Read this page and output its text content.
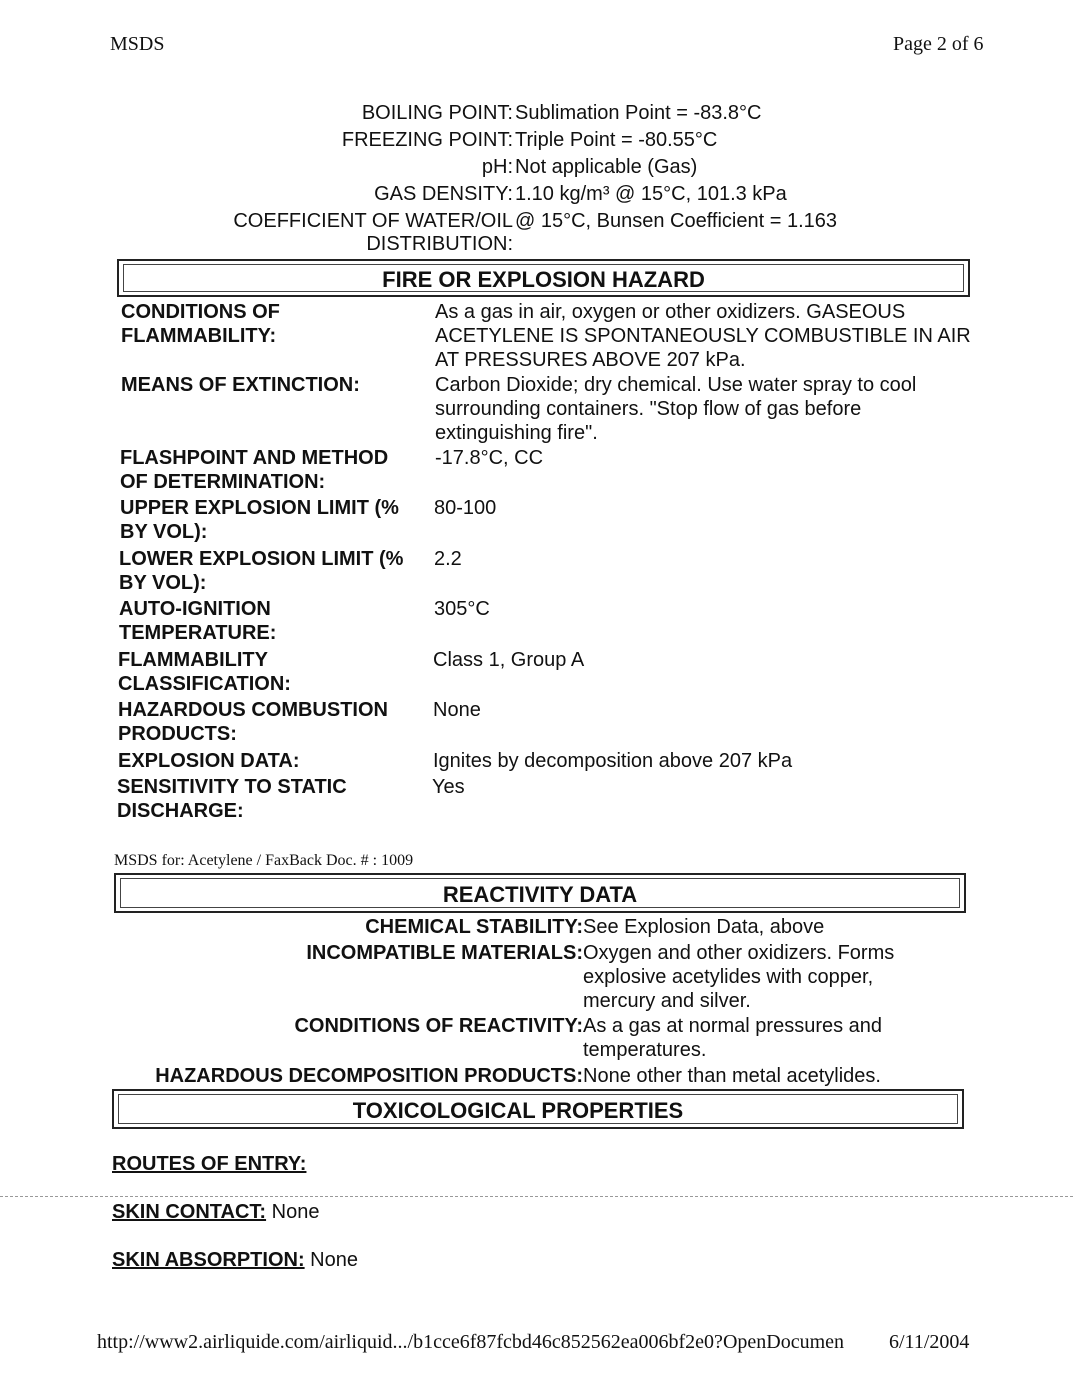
MSDS	Page 2 of 6
BOILING POINT: Sublimation Point = -83.8°C
FREEZING POINT: Triple Point = -80.55°C
pH: Not applicable (Gas)
GAS DENSITY: 1.10 kg/m³ @ 15°C, 101.3 kPa
COEFFICIENT OF WATER/OIL @ 15°C, Bunsen Coefficient = 1.163
DISTRIBUTION:
FIRE OR EXPLOSION HAZARD
CONDITIONS OF FLAMMABILITY:
As a gas in air, oxygen or other oxidizers. GASEOUS ACETYLENE IS SPONTANEOUSLY COMBUSTIBLE IN AIR AT PRESSURES ABOVE 207 kPa.
MEANS OF EXTINCTION:	Carbon Dioxide; dry chemical. Use water spray to cool surrounding containers. "Stop flow of gas before extinguishing fire".
FLASHPOINT AND METHOD OF DETERMINATION:
-17.8°C, CC
UPPER EXPLOSION LIMIT (% BY VOL):
80-100
LOWER EXPLOSION LIMIT (% BY VOL):
2.2
AUTO-IGNITION TEMPERATURE:
305°C
FLAMMABILITY CLASSIFICATION:
Class 1, Group A
HAZARDOUS COMBUSTION PRODUCTS:
None
EXPLOSION DATA:	Ignites by decomposition above 207 kPa
SENSITIVITY TO STATIC DISCHARGE:
Yes
MSDS for: Acetylene / FaxBack Doc. # : 1009
REACTIVITY DATA
CHEMICAL STABILITY: See Explosion Data, above
INCOMPATIBLE MATERIALS: Oxygen and other oxidizers. Forms explosive acetylides with copper, mercury and silver.
CONDITIONS OF REACTIVITY: As a gas at normal pressures and temperatures.
HAZARDOUS DECOMPOSITION PRODUCTS: None other than metal acetylides.
TOXICOLOGICAL PROPERTIES
ROUTES OF ENTRY:
SKIN CONTACT: None
SKIN ABSORPTION: None
http://www2.airliquide.com/airliquid.../b1cce6f87fcbd46c852562ea006bf2e0?OpenDocumen 6/11/2004
